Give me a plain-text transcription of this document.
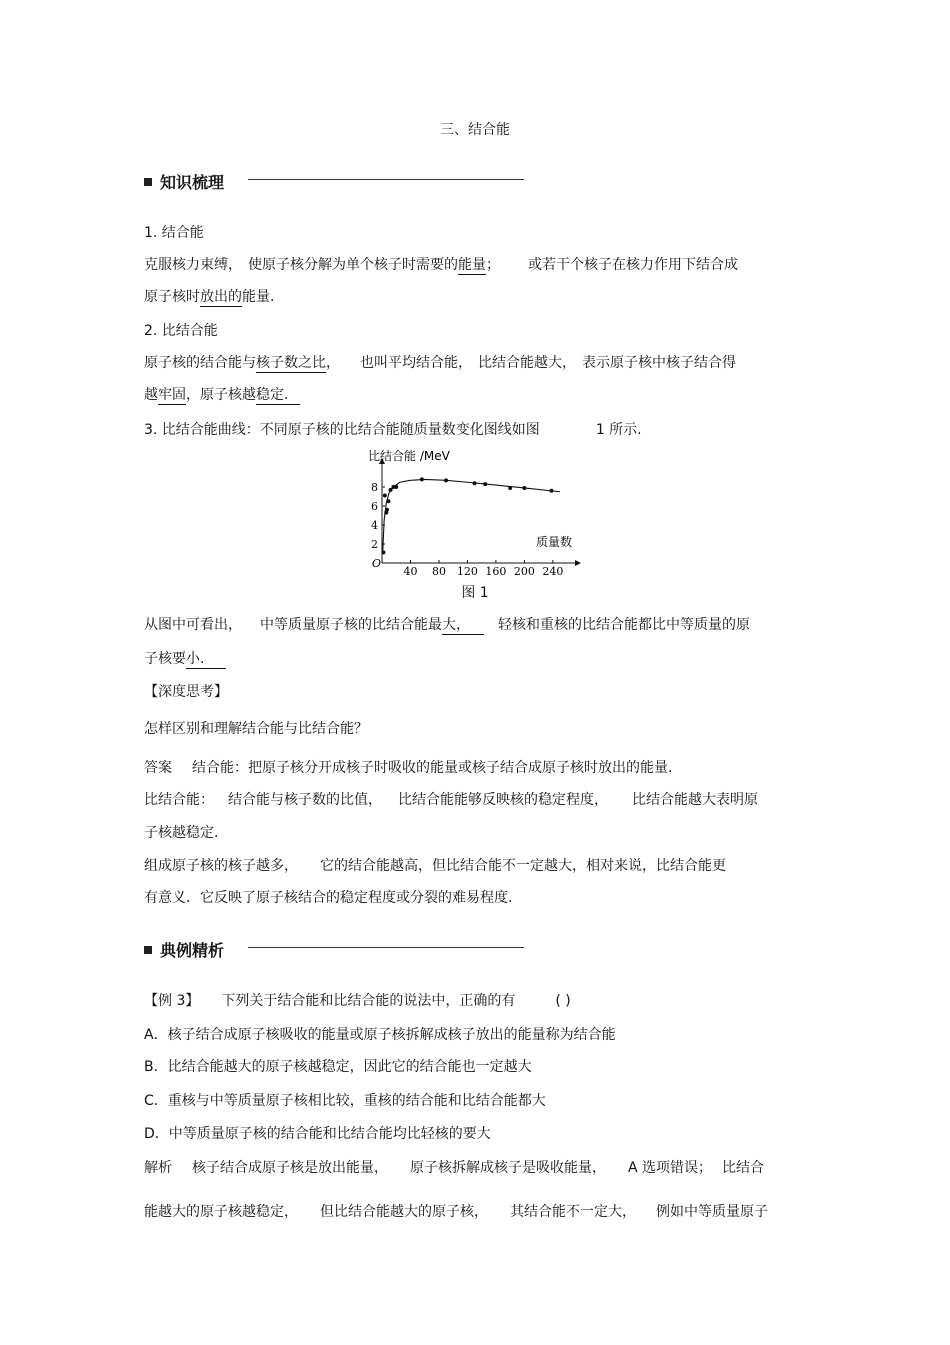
三、结合能
知识梳理
1. 结合能
克服核力束缚， 使原子核分解为单个核子时需要的能量； 或若干个核子在核力作用下结合成
原子核时放出的能量.
2. 比结合能
原子核的结合能与核子数之比， 也叫平均结合能， 比结合能越大， 表示原子核中核子结合得
越牢固，原子核越稳定.
3. 比结合能曲线：不同原子核的比结合能随质量数变化图线如图	1 所示.
比结合能 /MeV
质量数
O
40 80 120 160 200 240
2
4
6
8
图 1
从图中可看出， 中等质量原子核的比结合能最大， 轻核和重核的比结合能都比中等质量的原
子核要小.
【深度思考】
怎样区别和理解结合能与比结合能？
答案 结合能：把原子核分开成核子时吸收的能量或核子结合成原子核时放出的能量.
比结合能： 结合能与核子数的比值， 比结合能能够反映核的稳定程度， 比结合能越大表明原
子核越稳定.
组成原子核的核子越多， 它的结合能越高，但比结合能不一定越大，相对来说，比结合能更
有意义．它反映了原子核结合的稳定程度或分裂的难易程度.
典例精析
【例 3】 下列关于结合能和比结合能的说法中，正确的有	( )
A．核子结合成原子核吸收的能量或原子核拆解成核子放出的能量称为结合能
B．比结合能越大的原子核越稳定，因此它的结合能也一定越大
C．重核与中等质量原子核相比较，重核的结合能和比结合能都大
D．中等质量原子核的结合能和比结合能均比轻核的要大
解析 核子结合成原子核是放出能量， 原子核拆解成核子是吸收能量， A 选项错误； 比结合
能越大的原子核越稳定， 但比结合能越大的原子核， 其结合能不一定大， 例如中等质量原子
